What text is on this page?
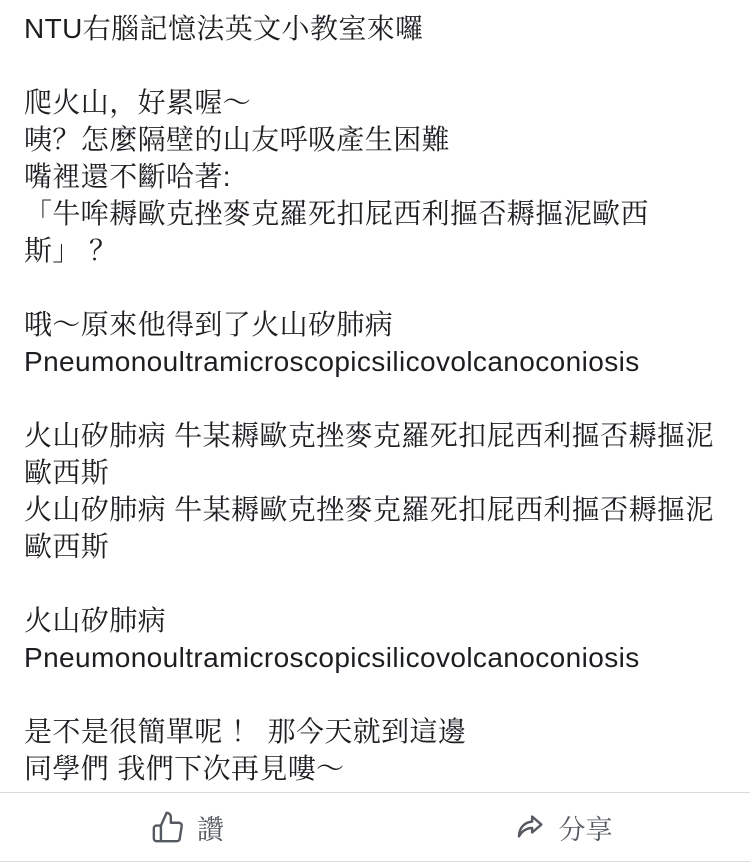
NTU右腦記憶法英文小教室來囉
爬火山，好累喔～
咦？怎麼隔壁的山友呼吸產生困難
嘴裡還不斷哈著:
「牛哞耨歐克挫麥克羅死扣屁西利摳否耨摳泥歐西
斯」 ？
哦～原來他得到了火山矽肺病
Pneumonoultramicroscopicsilicovolcanoconiosis
火山矽肺病 牛某耨歐克挫麥克羅死扣屁西利摳否耨摳泥
歐西斯
火山矽肺病 牛某耨歐克挫麥克羅死扣屁西利摳否耨摳泥
歐西斯
火山矽肺病
Pneumonoultramicroscopicsilicovolcanoconiosis
是不是很簡單呢 ！ 那今天就到這邊
同學們 我們下次再見嘍～
讚	分享
